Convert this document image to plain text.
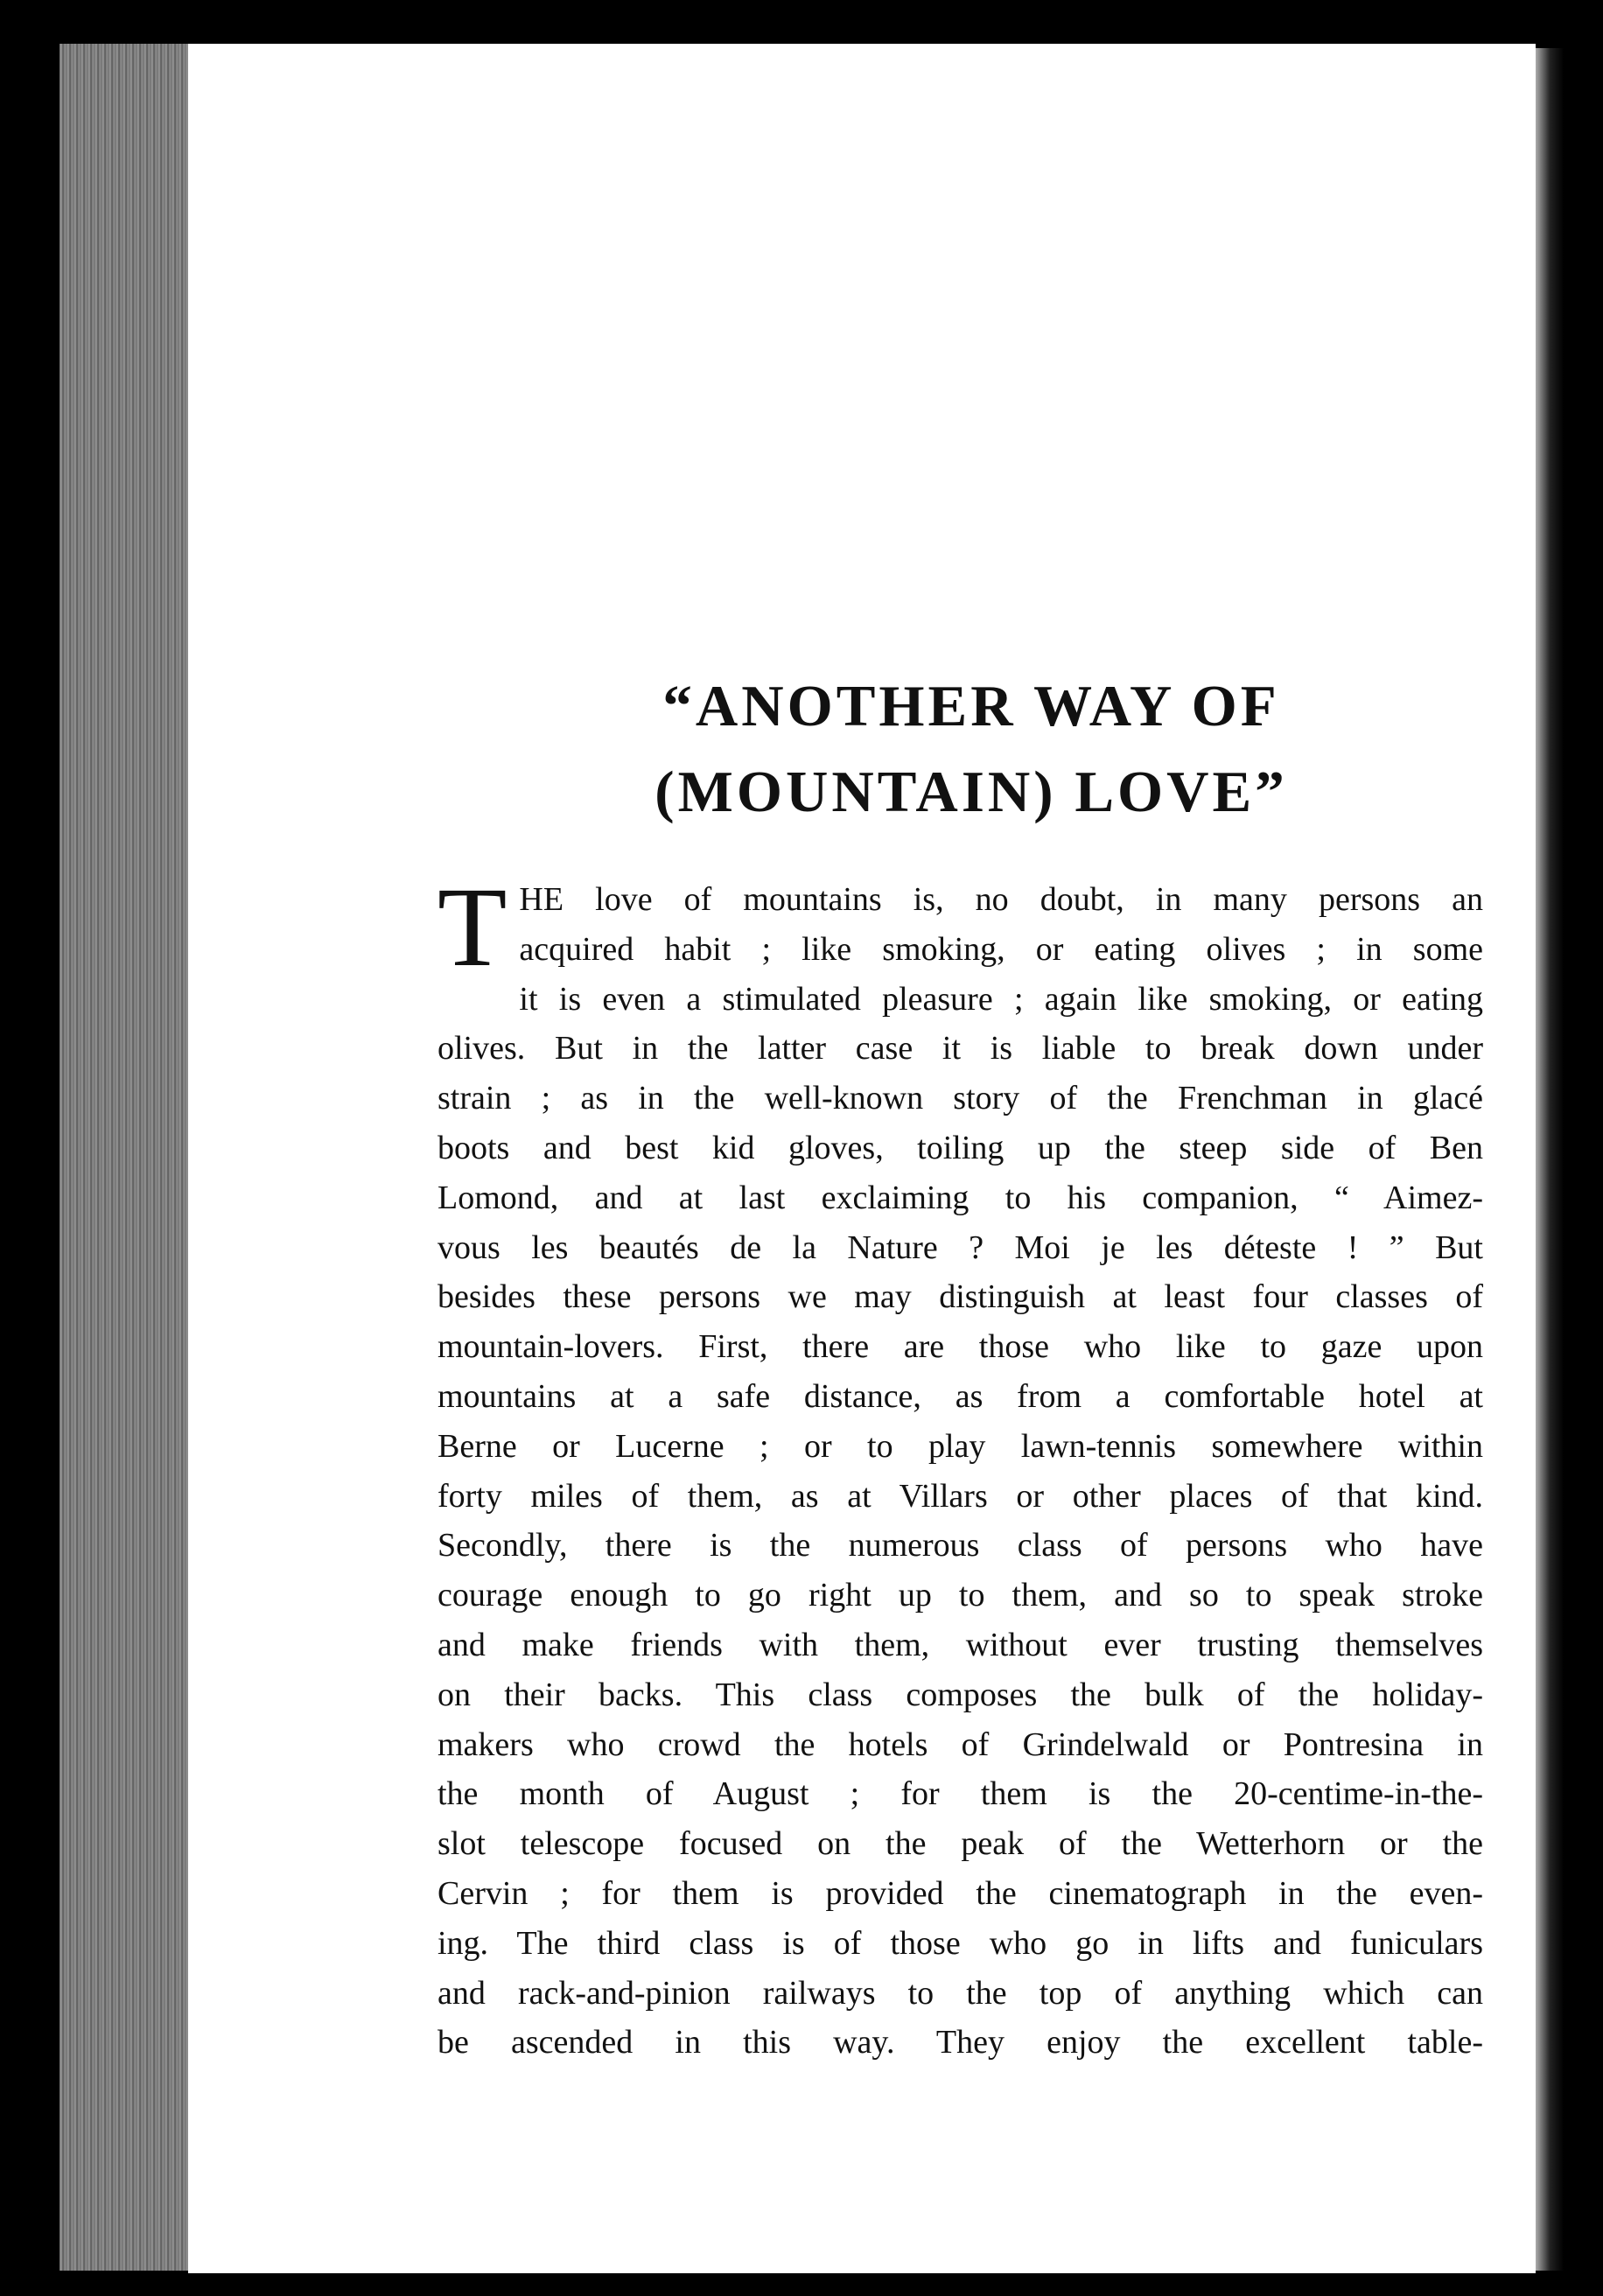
“ANOTHER WAY OF
(MOUNTAIN) LOVE”
T HE love of mountains is, no doubt, in many persons an
acquired habit ; like smoking, or eating olives ; in some
it is even a stimulated pleasure ; again like smoking, or eating
olives. But in the latter case it is liable to break down under
strain ; as in the well-known story of the Frenchman in glacé
boots and best kid gloves, toiling up the steep side of Ben
Lomond, and at last exclaiming to his companion, “ Aimez-
vous les beautés de la Nature ? Moi je les déteste ! ” But
besides these persons we may distinguish at least four classes of
mountain-lovers. First, there are those who like to gaze upon
mountains at a safe distance, as from a comfortable hotel at
Berne or Lucerne ; or to play lawn-tennis somewhere within
forty miles of them, as at Villars or other places of that kind.
Secondly, there is the numerous class of persons who have
courage enough to go right up to them, and so to speak stroke
and make friends with them, without ever trusting themselves
on their backs. This class composes the bulk of the holiday-
makers who crowd the hotels of Grindelwald or Pontresina in
the month of August ; for them is the 20-centime-in-the-
slot telescope focused on the peak of the Wetterhorn or the
Cervin ; for them is provided the cinematograph in the even-
ing. The third class is of those who go in lifts and funiculars
and rack-and-pinion railways to the top of anything which can
be ascended in this way. They enjoy the excellent table-
